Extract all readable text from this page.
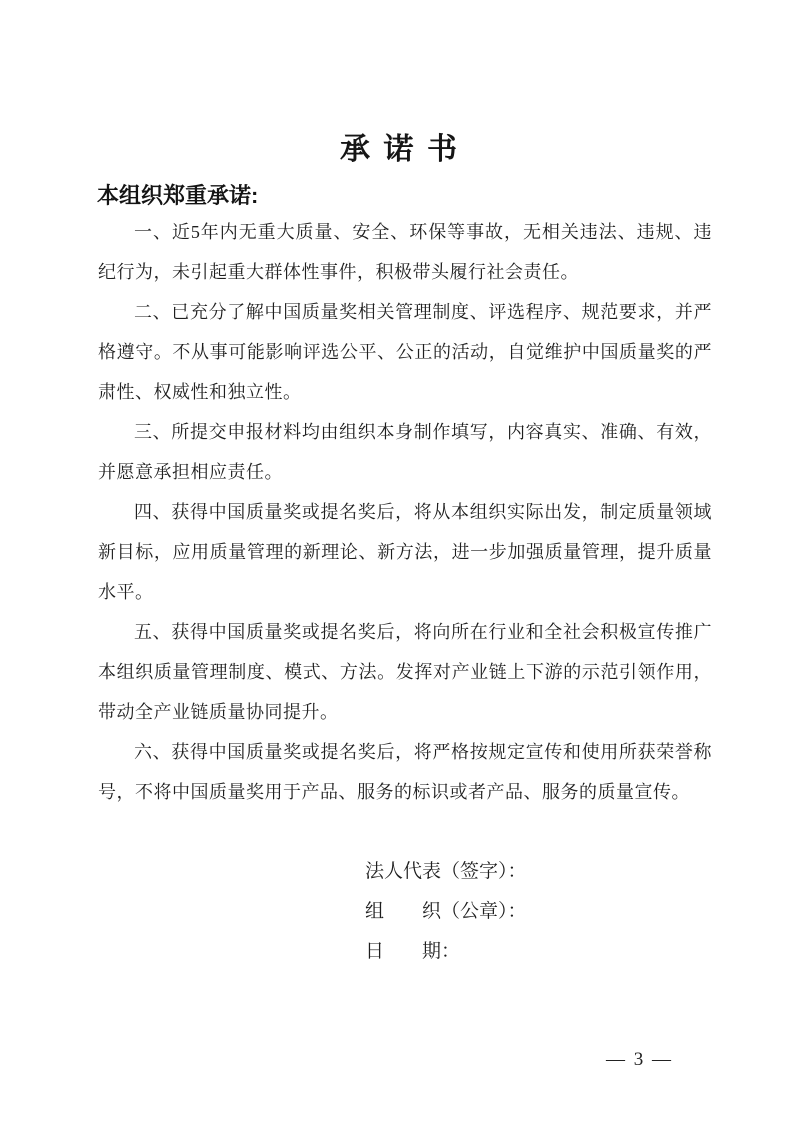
承 诺 书

本组织郑重承诺:

一、近5年内无重大质量、安全、环保等事故，无相关违法、违规、违纪行为，未引起重大群体性事件，积极带头履行社会责任。

二、已充分了解中国质量奖相关管理制度、评选程序、规范要求，并严格遵守。不从事可能影响评选公平、公正的活动，自觉维护中国质量奖的严肃性、权威性和独立性。

三、所提交申报材料均由组织本身制作填写，内容真实、准确、有效，并愿意承担相应责任。

四、获得中国质量奖或提名奖后，将从本组织实际出发，制定质量领域新目标，应用质量管理的新理论、新方法，进一步加强质量管理，提升质量水平。

五、获得中国质量奖或提名奖后，将向所在行业和全社会积极宣传推广本组织质量管理制度、模式、方法。发挥对产业链上下游的示范引领作用，带动全产业链质量协同提升。

六、获得中国质量奖或提名奖后，将严格按规定宣传和使用所获荣誉称号，不将中国质量奖用于产品、服务的标识或者产品、服务的质量宣传。

法人代表（签字）：

组　　织（公章）：

日　　期：

— 3 —
